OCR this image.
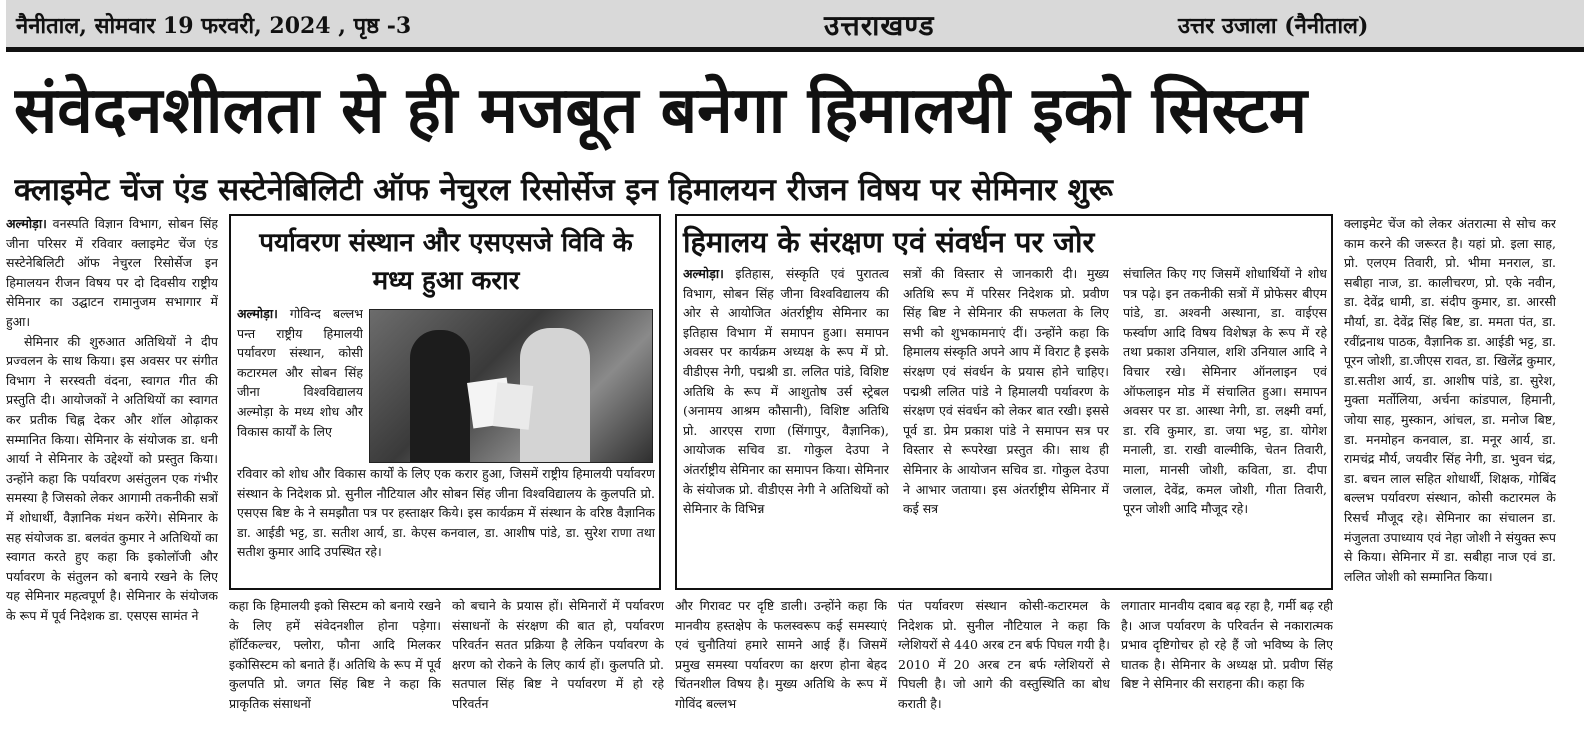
नैनीताल, सोमवार 19 फरवरी, 2024 , पृष्ठ -3	उत्तराखण्ड	उत्तर उजाला (नैनीताल)
संवेदनशीलता से ही मजबूत बनेगा हिमालयी इको सिस्टम
क्लाइमेट चेंज एंड सस्टेनेबिलिटी ऑफ नेचुरल रिसोर्सेज इन हिमालयन रीजन विषय पर सेमिनार शुरू

अल्मोड़ा। वनस्पति विज्ञान विभाग, सोबन सिंह जीना परिसर में रविवार क्लाइमेट चेंज एंड सस्टेनेबिलिटी ऑफ नेचुरल रिसोर्सेज इन हिमालयन रीजन विषय पर दो दिवसीय राष्ट्रीय सेमिनार का उद्घाटन रामानुजम सभागार में हुआ।

सेमिनार की शुरुआत अतिथियों ने दीप प्रज्वलन के साथ किया। इस अवसर पर संगीत विभाग ने सरस्वती वंदना, स्वागत गीत की प्रस्तुति दी। आयोजकों ने अतिथियों का स्वागत कर प्रतीक चिह्न देकर और शॉल ओढ़ाकर सम्मानित किया। सेमिनार के संयोजक डा. धनी आर्या ने सेमिनार के उद्देश्यों को प्रस्तुत किया। उन्होंने कहा कि पर्यावरण असंतुलन एक गंभीर समस्या है जिसको लेकर आगामी तकनीकी सत्रों में शोधार्थी, वैज्ञानिक मंथन करेंगे। सेमिनार के सह संयोजक डा. बलवंत कुमार ने अतिथियों का स्वागत करते हुए कहा कि इकोलॉजी और पर्यावरण के संतुलन को बनाये रखने के लिए यह सेमिनार महत्वपूर्ण है। सेमिनार के संयोजक के रूप में पूर्व निदेशक डा. एसएस सामंत ने

पर्यावरण संस्थान और एसएसजे विवि के मध्य हुआ करार

अल्मोड़ा। गोविन्द बल्लभ पन्त राष्ट्रीय हिमालयी पर्यावरण संस्थान, कोसी कटारमल और सोबन सिंह जीना विश्वविद्यालय अल्मोड़ा के मध्य शोध और विकास कार्यों के लिए

रविवार को शोध और विकास कार्यों के लिए एक करार हुआ, जिसमें राष्ट्रीय हिमालयी पर्यावरण संस्थान के निदेशक प्रो. सुनील नौटियाल और सोबन सिंह जीना विश्वविद्यालय के कुलपति प्रो. एसएस बिष्ट के ने समझौता पत्र पर हस्ताक्षर किये। इस कार्यक्रम में संस्थान के वरिष्ठ वैज्ञानिक डा. आईडी भट्ट, डा. सतीश आर्य, डा. केएस कनवाल, डा. आशीष पांडे, डा. सुरेश राणा तथा सतीश कुमार आदि उपस्थित रहे।

कहा कि हिमालयी इको सिस्टम को बनाये रखने के लिए हमें संवेदनशील होना पड़ेगा। हॉर्टिकल्चर, फ्लोरा, फौना आदि मिलकर इकोसिस्टम को बनाते हैं। अतिथि के रूप में पूर्व कुलपति प्रो. जगत सिंह बिष्ट ने कहा कि प्राकृतिक संसाधनों

को बचाने के प्रयास हों। सेमिनारों में पर्यावरण संसाधनों के संरक्षण की बात हो, पर्यावरण परिवर्तन सतत प्रक्रिया है लेकिन पर्यावरण के क्षरण को रोकने के लिए कार्य हों। कुलपति प्रो. सतपाल सिंह बिष्ट ने पर्यावरण में हो रहे परिवर्तन

और गिरावट पर दृष्टि डाली। उन्होंने कहा कि मानवीय हस्तक्षेप के फलस्वरूप कई समस्याएं एवं चुनौतियां हमारे सामने आई हैं। जिसमें प्रमुख समस्या पर्यावरण का क्षरण होना बेहद चिंतनशील विषय है। मुख्य अतिथि के रूप में गोविंद बल्लभ

पंत पर्यावरण संस्थान कोसी-कटारमल के निदेशक प्रो. सुनील नौटियाल ने कहा कि ग्लेशियरों से 440 अरब टन बर्फ पिघल गयी है। 2010 में 20 अरब टन बर्फ ग्लेशियरों से पिघली है। जो आगे की वस्तुस्थिति का बोध कराती है।

लगातार मानवीय दबाव बढ़ रहा है, गर्मी बढ़ रही है। आज पर्यावरण के परिवर्तन से नकारात्मक प्रभाव दृष्टिगोचर हो रहे हैं जो भविष्य के लिए घातक है। सेमिनार के अध्यक्ष प्रो. प्रवीण सिंह बिष्ट ने सेमिनार की सराहना की। कहा कि

हिमालय के संरक्षण एवं संवर्धन पर जोर

अल्मोड़ा। इतिहास, संस्कृति एवं पुरातत्व विभाग, सोबन सिंह जीना विश्वविद्यालय की ओर से आयोजित अंतर्राष्ट्रीय सेमिनार का इतिहास विभाग में समापन हुआ। समापन अवसर पर कार्यक्रम अध्यक्ष के रूप में प्रो. वीडीएस नेगी, पद्मश्री डा. ललित पांडे, विशिष्ट अतिथि के रूप में आशुतोष उर्स स्ट्रेबल (अनामय आश्रम कौसानी), विशिष्ट अतिथि प्रो. आरएस राणा (सिंगापुर, वैज्ञानिक), आयोजक सचिव डा. गोकुल देउपा ने अंतर्राष्ट्रीय सेमिनार का समापन किया। सेमिनार के संयोजक प्रो. वीडीएस नेगी ने अतिथियों को सेमिनार के विभिन्न

सत्रों की विस्तार से जानकारी दी। मुख्य अतिथि रूप में परिसर निदेशक प्रो. प्रवीण सिंह बिष्ट ने सेमिनार की सफलता के लिए सभी को शुभकामनाएं दीं। उन्होंने कहा कि हिमालय संस्कृति अपने आप में विराट है इसके संरक्षण एवं संवर्धन के प्रयास होने चाहिए। पद्मश्री ललित पांडे ने हिमालयी पर्यावरण के संरक्षण एवं संवर्धन को लेकर बात रखी। इससे पूर्व डा. प्रेम प्रकाश पांडे ने समापन सत्र पर विस्तार से रूपरेखा प्रस्तुत की। साथ ही सेमिनार के आयोजन सचिव डा. गोकुल देउपा ने आभार जताया। इस अंतर्राष्ट्रीय सेमिनार में कई सत्र

संचालित किए गए जिसमें शोधार्थियों ने शोध पत्र पढ़े। इन तकनीकी सत्रों में प्रोफेसर बीएम पांडे, डा. अश्वनी अस्थाना, डा. वाईएस फर्स्वाण आदि विषय विशेषज्ञ के रूप में रहे तथा प्रकाश उनियाल, शशि उनियाल आदि ने विचार रखे। सेमिनार ऑनलाइन एवं ऑफलाइन मोड में संचालित हुआ। समापन अवसर पर डा. आस्था नेगी, डा. लक्ष्मी वर्मा, डा. रवि कुमार, डा. जया भट्ट, डा. योगेश मनाली, डा. राखी वाल्मीकि, चेतन तिवारी, माला, मानसी जोशी, कविता, डा. दीपा जलाल, देवेंद्र, कमल जोशी, गीता तिवारी, पूरन जोशी आदि मौजूद रहे।

क्लाइमेट चेंज को लेकर अंतरात्मा से सोच कर काम करने की जरूरत है। यहां प्रो. इला साह, प्रो. एलएम तिवारी, प्रो. भीमा मनराल, डा. सबीहा नाज, डा. कालीचरण, प्रो. एके नवीन, डा. देवेंद्र धामी, डा. संदीप कुमार, डा. आरसी मौर्या, डा. देवेंद्र सिंह बिष्ट, डा. ममता पंत, डा. रवींद्रनाथ पाठक, वैज्ञानिक डा. आईडी भट्ट, डा. पूरन जोशी, डा.जीएस रावत, डा. खिलेंद्र कुमार, डा.सतीश आर्य, डा. आशीष पांडे, डा. सुरेश, मुक्ता मर्तोलिया, अर्चना कांडपाल, हिमानी, जोया साह, मुस्कान, आंचल, डा. मनोज बिष्ट, डा. मनमोहन कनवाल, डा. मनूर आर्य, डा. रामचंद्र मौर्य, जयवीर सिंह नेगी, डा. भुवन चंद्र, डा. बचन लाल सहित शोधार्थी, शिक्षक, गोबिंद बल्लभ पर्यावरण संस्थान, कोसी कटारमल के रिसर्च मौजूद रहे। सेमिनार का संचालन डा. मंजुलता उपाध्याय एवं नेहा जोशी ने संयुक्त रूप से किया। सेमिनार में डा. सबीहा नाज एवं डा. ललित जोशी को सम्मानित किया।
